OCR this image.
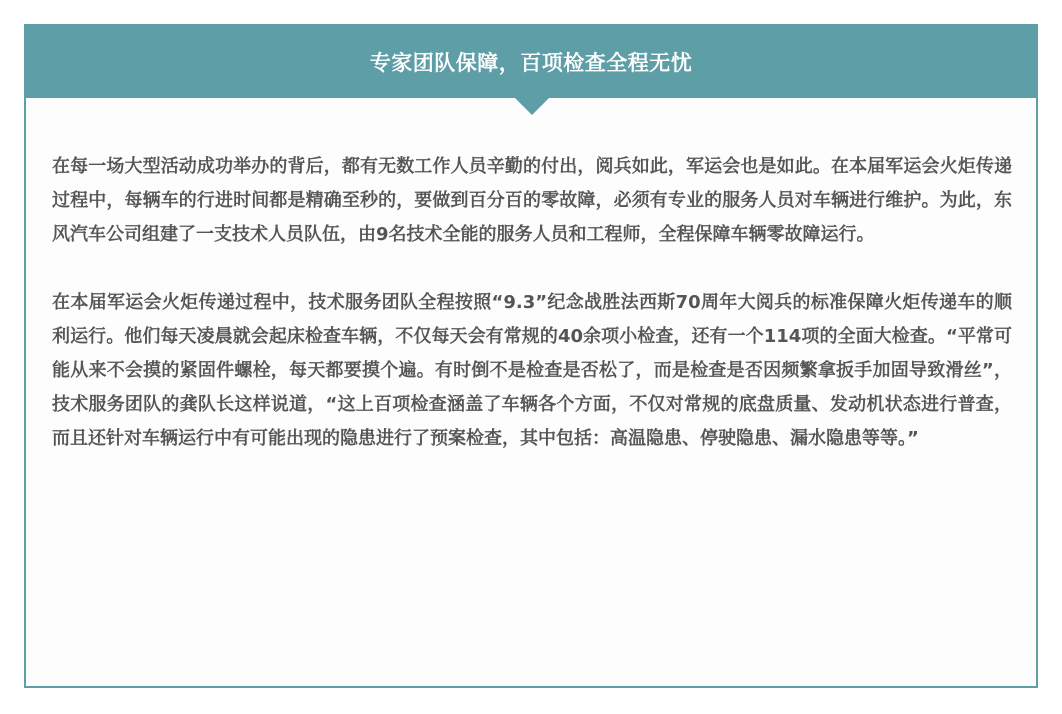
专家团队保障，百项检查全程无忧

在每一场大型活动成功举办的背后，都有无数工作人员辛勤的付出，阅兵如此，军运会也是如此。在本届军运会火炬传递过程中，每辆车的行进时间都是精确至秒的，要做到百分百的零故障，必须有专业的服务人员对车辆进行维护。为此，东风汽车公司组建了一支技术人员队伍，由9名技术全能的服务人员和工程师，全程保障车辆零故障运行。

在本届军运会火炬传递过程中，技术服务团队全程按照“9.3”纪念战胜法西斯70周年大阅兵的标准保障火炬传递车的顺利运行。他们每天凌晨就会起床检查车辆，不仅每天会有常规的40余项小检查，还有一个114项的全面大检查。“平常可能从来不会摸的紧固件螺栓，每天都要摸个遍。有时倒不是检查是否松了，而是检查是否因频繁拿扳手加固导致滑丝”，技术服务团队的龚队长这样说道，“这上百项检查涵盖了车辆各个方面，不仅对常规的底盘质量、发动机状态进行普查，而且还针对车辆运行中有可能出现的隐患进行了预案检查，其中包括：高温隐患、停驶隐患、漏水隐患等等。”
